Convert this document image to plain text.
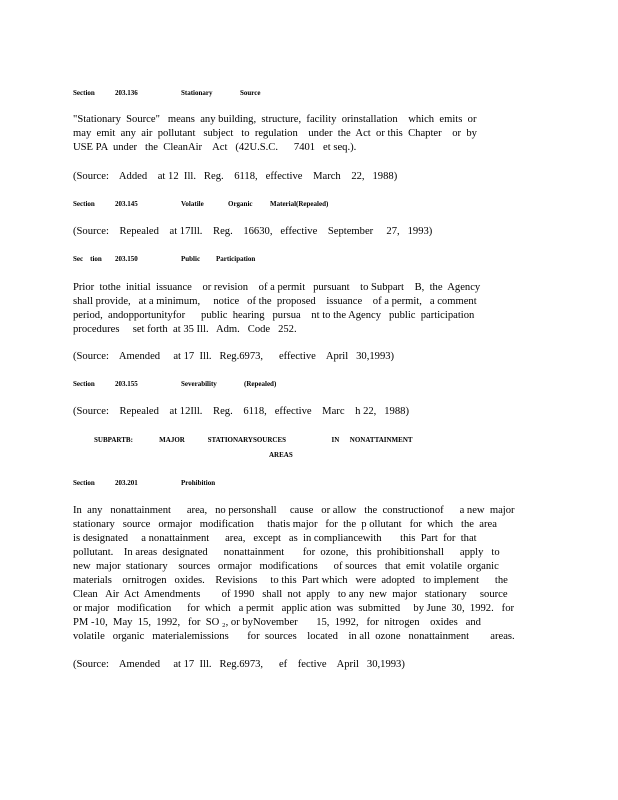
Section	203.136	Stationary	Source
"Stationary  Source"   means  any building,  structure,  facility  orinstallation    which  emits  or
may  emit  any  air  pollutant   subject   to  regulation    under  the  Act  or this  Chapter    or  by
USE PA  under   the  CleanAir    Act   (42U.S.C.      7401   et seq.).
(Source:    Added    at 12  Ill.   Reg.    6118,   effective    March    22,   1988)
Section	203.145	Volatile	Organic	Material(Repealed)
(Source:    Repealed    at 17Ill.    Reg.    16630,   effective    September     27,   1993)
Sec    tion 203.150	Public Participation
Prior  tothe  initial  issuance    or revision    of a permit   pursuant    to Subpart    B,  the  Agency
shall provide,   at a minimum,     notice   of the  proposed    issuance    of a permit,   a comment
period,  andopportunityfor      public  hearing   pursua    nt to the Agency   public  participation
procedures     set forth  at 35 Ill.   Adm.   Code   252.
(Source:    Amended     at 17  Ill.   Reg.6973,      effective    April   30,1993)
Section	203.155	Severability	(Repealed)
(Source:    Repealed    at 12Ill.    Reg.    6118,   effective    Marc    h 22,   1988)
SUBPARTB:               MAJOR             STATIONARYSOURCES                          IN      NONATTAINMENT
AREAS
Section	203.201	Prohibition
In  any   nonattainment      area,   no personshall     cause   or allow   the  constructionof      a new  major
stationary   source   ormajor   modification     thatis major   for  the  p ollutant   for  which   the  area
is designated     a nonattainment      area,   except   as  in compliancewith       this  Part  for  that
pollutant.    In areas  designated      nonattainment       for  ozone,   this  prohibitionshall      apply   to
new  major  stationary    sources   ormajor   modifications      of sources   that  emit  volatile  organic
materials    ornitrogen   oxides.    Revisions     to this  Part which   were  adopted   to implement      the
Clean   Air  Act  Amendments        of 1990   shall  not  apply   to any  new  major   stationary     source
or major   modification      for  which   a permit   applic ation  was  submitted     by June  30,  1992.   for
PM -10,  May  15,  1992,   for  SO ₂, or byNovember       15,  1992,   for  nitrogen    oxides   and
volatile   organic   materialemissions       for  sources    located    in all  ozone   nonattainment        areas.
(Source:    Amended     at 17  Ill.   Reg.6973,      ef    fective    April   30,1993)
